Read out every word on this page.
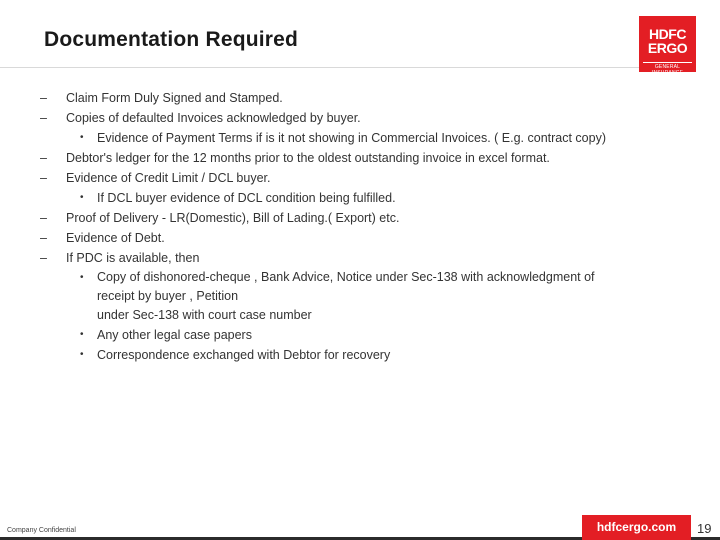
Documentation Required	HDFC
ERGO
GENERAL INSURANCE
– Claim Form Duly Signed and Stamped.
– Copies of defaulted Invoices acknowledged by buyer.
• Evidence of Payment Terms if is it not showing in Commercial Invoices. ( E.g. contract copy)
– Debtor's ledger for the 12 months prior to the oldest outstanding invoice in excel format.
– Evidence of Credit Limit / DCL buyer.
• If DCL buyer evidence of DCL condition being fulfilled.
– Proof of Delivery - LR(Domestic), Bill of Lading.( Export) etc.
– Evidence of Debt.
– If PDC is available, then
• Copy of dishonored-cheque , Bank Advice, Notice under Sec-138 with acknowledgment of
receipt by buyer , Petition
under Sec-138 with court case number
• Any other legal case papers
• Correspondence exchanged with Debtor for recovery
Company Confidential	hdfcergo.com	19
